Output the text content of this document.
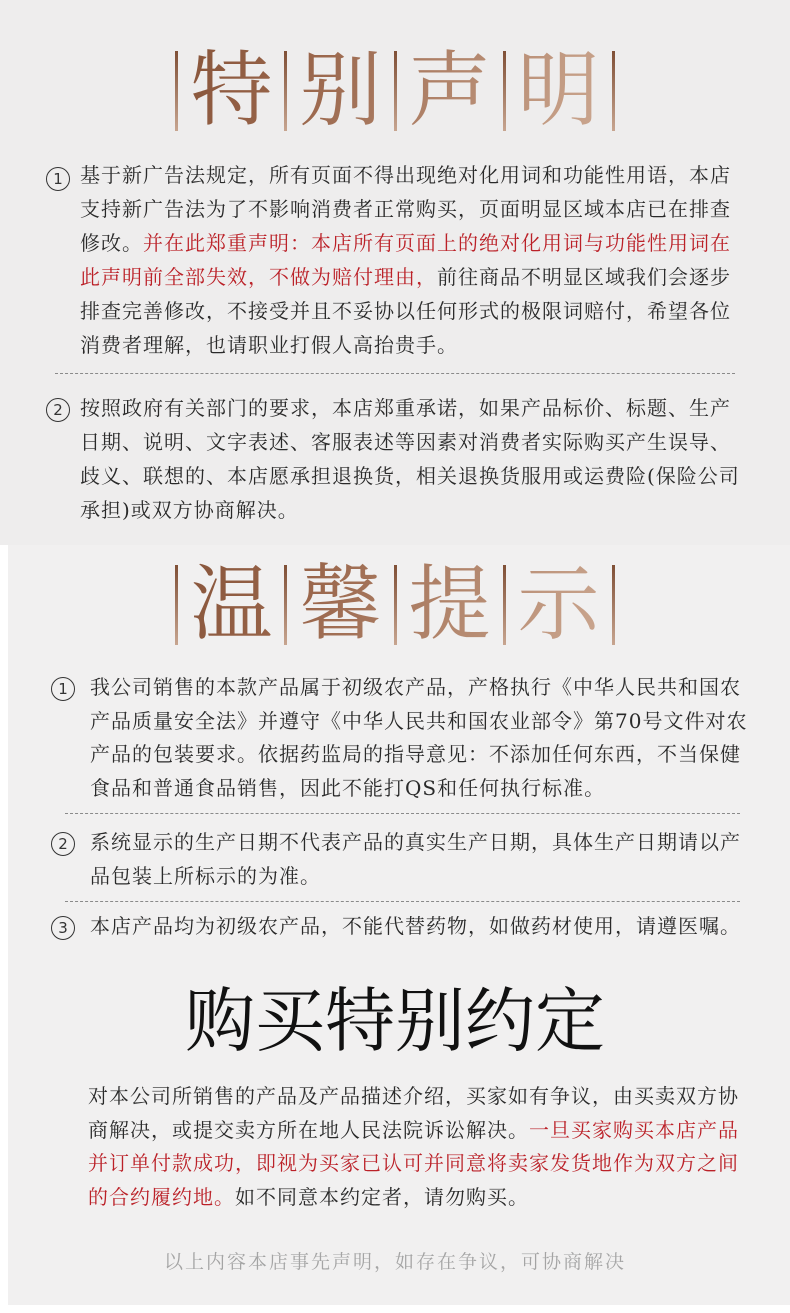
特 别 声 明
1 基于新广告法规定，所有页面不得出现绝对化用词和功能性用语，本店
支持新广告法为了不影响消费者正常购买，页面明显区域本店已在排查
修改。并在此郑重声明：本店所有页面上的绝对化用词与功能性用词在
此声明前全部失效，不做为赔付理由，前往商品不明显区域我们会逐步
排查完善修改，不接受并且不妥协以任何形式的极限词赔付，希望各位
消费者理解，也请职业打假人高抬贵手。
2 按照政府有关部门的要求，本店郑重承诺，如果产品标价、标题、生产
日期、说明、文字表述、客服表述等因素对消费者实际购买产生误导、
歧义、联想的、本店愿承担退换货，相关退换货服用或运费险(保险公司
承担)或双方协商解决。
温 馨 提 示
1	我公司销售的本款产品属于初级农产品，产格执行《中华人民共和国农
产品质量安全法》并遵守《中华人民共和国农业部令》第70号文件对农
产品的包装要求。依据药监局的指导意见：不添加任何东西，不当保健
食品和普通食品销售，因此不能打QS和任何执行标准。
2	系统显示的生产日期不代表产品的真实生产日期，具体生产日期请以产
品包装上所标示的为准。
3	本店产品均为初级农产品，不能代替药物，如做药材使用，请遵医嘱。
购买特别约定
对本公司所销售的产品及产品描述介绍，买家如有争议，由买卖双方协
商解决，或提交卖方所在地人民法院诉讼解决。一旦买家购买本店产品
并订单付款成功，即视为买家已认可并同意将卖家发货地作为双方之间
的合约履约地。如不同意本约定者，请勿购买。
以上内容本店事先声明，如存在争议，可协商解决
